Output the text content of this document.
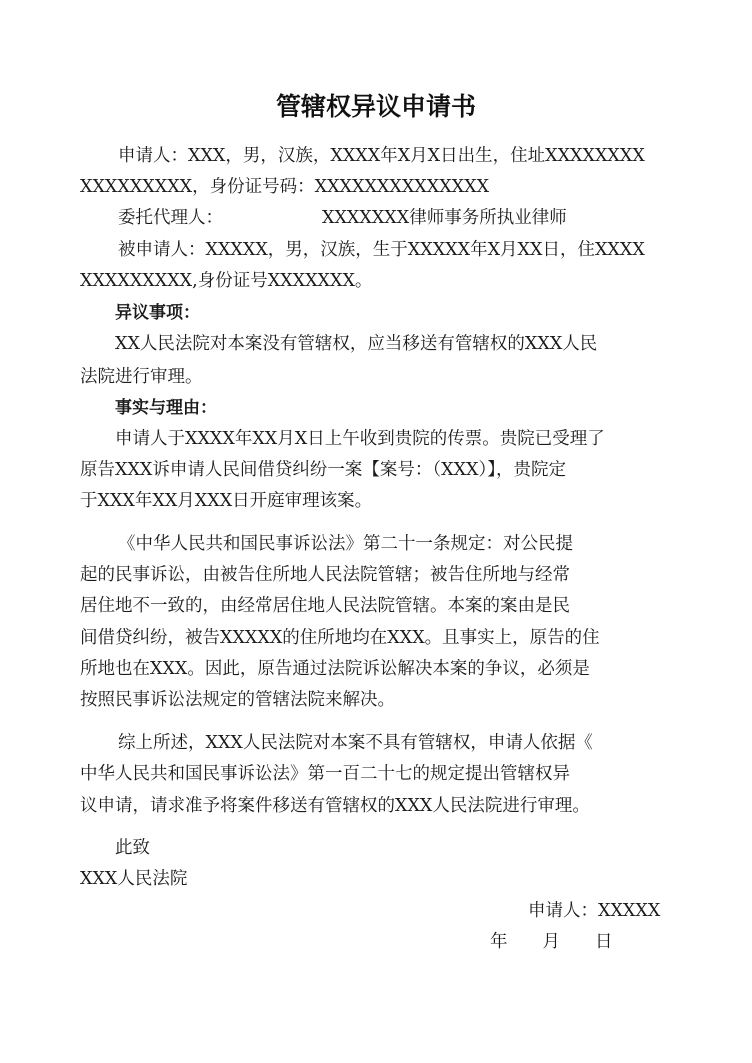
管辖权异议申请书
申请人：XXX，男，汉族，XXXX年X月X日出生，住址XXXXXXXX
XXXXXXXXX，身份证号码：XXXXXXXXXXXXXX
委托代理人：	XXXXXXX律师事务所执业律师
被申请人：XXXXX，男，汉族，生于XXXXX年X月XX日，住XXXX
XXXXXXXXX,身份证号XXXXXXX。
异议事项：
XX人民法院对本案没有管辖权，应当移送有管辖权的XXX人民
法院进行审理。
事实与理由：
申请人于XXXX年XX月X日上午收到贵院的传票。贵院已受理了
原告XXX诉申请人民间借贷纠纷一案【案号：（XXX）】，贵院定
于XXX年XX月XXX日开庭审理该案。
《中华人民共和国民事诉讼法》第二十一条规定：对公民提
起的民事诉讼，由被告住所地人民法院管辖；被告住所地与经常
居住地不一致的，由经常居住地人民法院管辖。本案的案由是民
间借贷纠纷，被告XXXXX的住所地均在XXX。且事实上，原告的住
所地也在XXX。因此，原告通过法院诉讼解决本案的争议，必须是
按照民事诉讼法规定的管辖法院来解决。
综上所述，XXX人民法院对本案不具有管辖权，申请人依据《
中华人民共和国民事诉讼法》第一百二十七的规定提出管辖权异
议申请，请求准予将案件移送有管辖权的XXX人民法院进行审理。
此致
XXX人民法院
申请人：XXXXX
年　　月　　日
